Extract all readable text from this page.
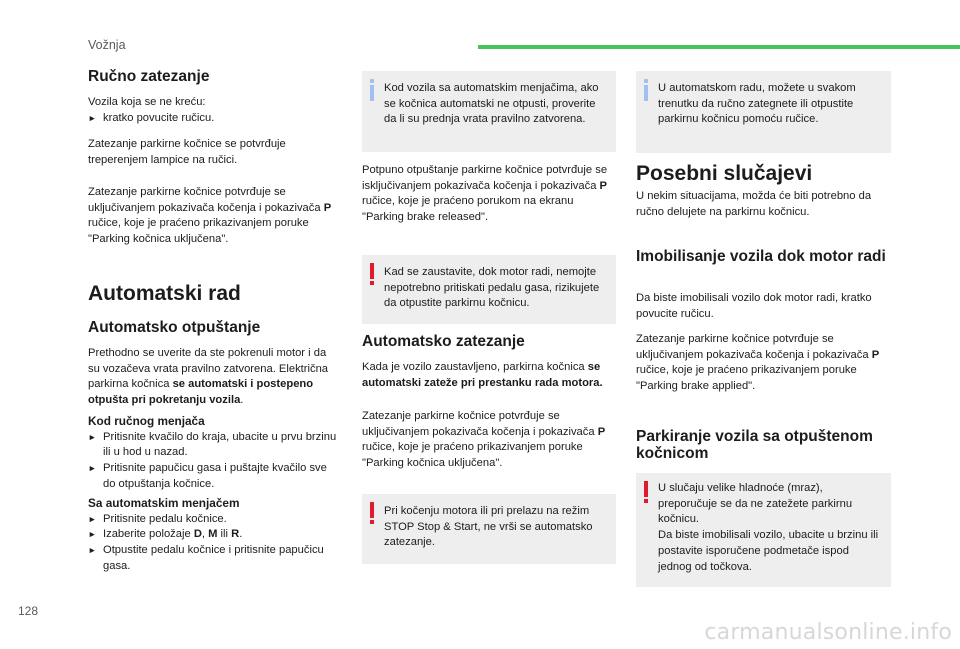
Vožnja
Ručno zatezanje

Vozila koja se ne kreću:

► kratko povucite ručicu.

Zatezanje parkirne kočnice se potvrđuje treperenjem lampice na ručici.

Zatezanje parkirne kočnice potvrđuje se uključivanjem pokazivača kočenja i pokazivača P ručice, koje je praćeno prikazivanjem poruke "Parking kočnica uključena".

Automatski rad
Automatsko otpuštanje

Prethodno se uverite da ste pokrenuli motor i da su vozačeva vrata pravilno zatvorena. Električna parkirna kočnica se automatski i postepeno otpušta pri pokretanju vozila.

Kod ručnog menjača
► Pritisnite kvačilo do kraja, ubacite u prvu brzinu ili u hod u nazad.
► Pritisnite papučicu gasa i puštajte kvačilo sve do otpuštanja kočnice.
Sa automatskim menjačem
► Pritisnite pedalu kočnice.
► Izaberite položaje D, M ili R.
► Otpustite pedalu kočnice i pritisnite papučicu gasa.

Kod vozila sa automatskim menjačima, ako se kočnica automatski ne otpusti, proverite da li su prednja vrata pravilno zatvorena.

Potpuno otpuštanje parkirne kočnice potvrđuje se isključivanjem pokazivača kočenja i pokazivača P ručice, koje je praćeno porukom na ekranu "Parking brake released".

Kad se zaustavite, dok motor radi, nemojte nepotrebno pritiskati pedalu gasa, rizikujete da otpustite parkirnu kočnicu.

Automatsko zatezanje

Kada je vozilo zaustavljeno, parkirna kočnica se automatski zateže pri prestanku rada motora.

Zatezanje parkirne kočnice potvrđuje se uključivanjem pokazivača kočenja i pokazivača P ručice, koje je praćeno prikazivanjem poruke "Parking kočnica uključena".

Pri kočenju motora ili pri prelazu na režim STOP Stop & Start, ne vrši se automatsko zatezanje.

U automatskom radu, možete u svakom trenutku da ručno zategnete ili otpustite parkirnu kočnicu pomoću ručice.

Posebni slučajevi

U nekim situacijama, možda će biti potrebno da ručno delujete na parkirnu kočnicu.

Imobilisanje vozila dok motor radi

Da biste imobilisali vozilo dok motor radi, kratko povucite ručicu.

Zatezanje parkirne kočnice potvrđuje se uključivanjem pokazivača kočenja i pokazivača P ručice, koje je praćeno prikazivanjem poruke "Parking brake applied".

Parkiranje vozila sa otpuštenom kočnicom

U slučaju velike hladnoće (mraz), preporučuje se da ne zatežete parkirnu kočnicu.
Da biste imobilisali vozilo, ubacite u brzinu ili postavite isporučene podmetače ispod jednog od točkova.

128
carmanualsonline.info
